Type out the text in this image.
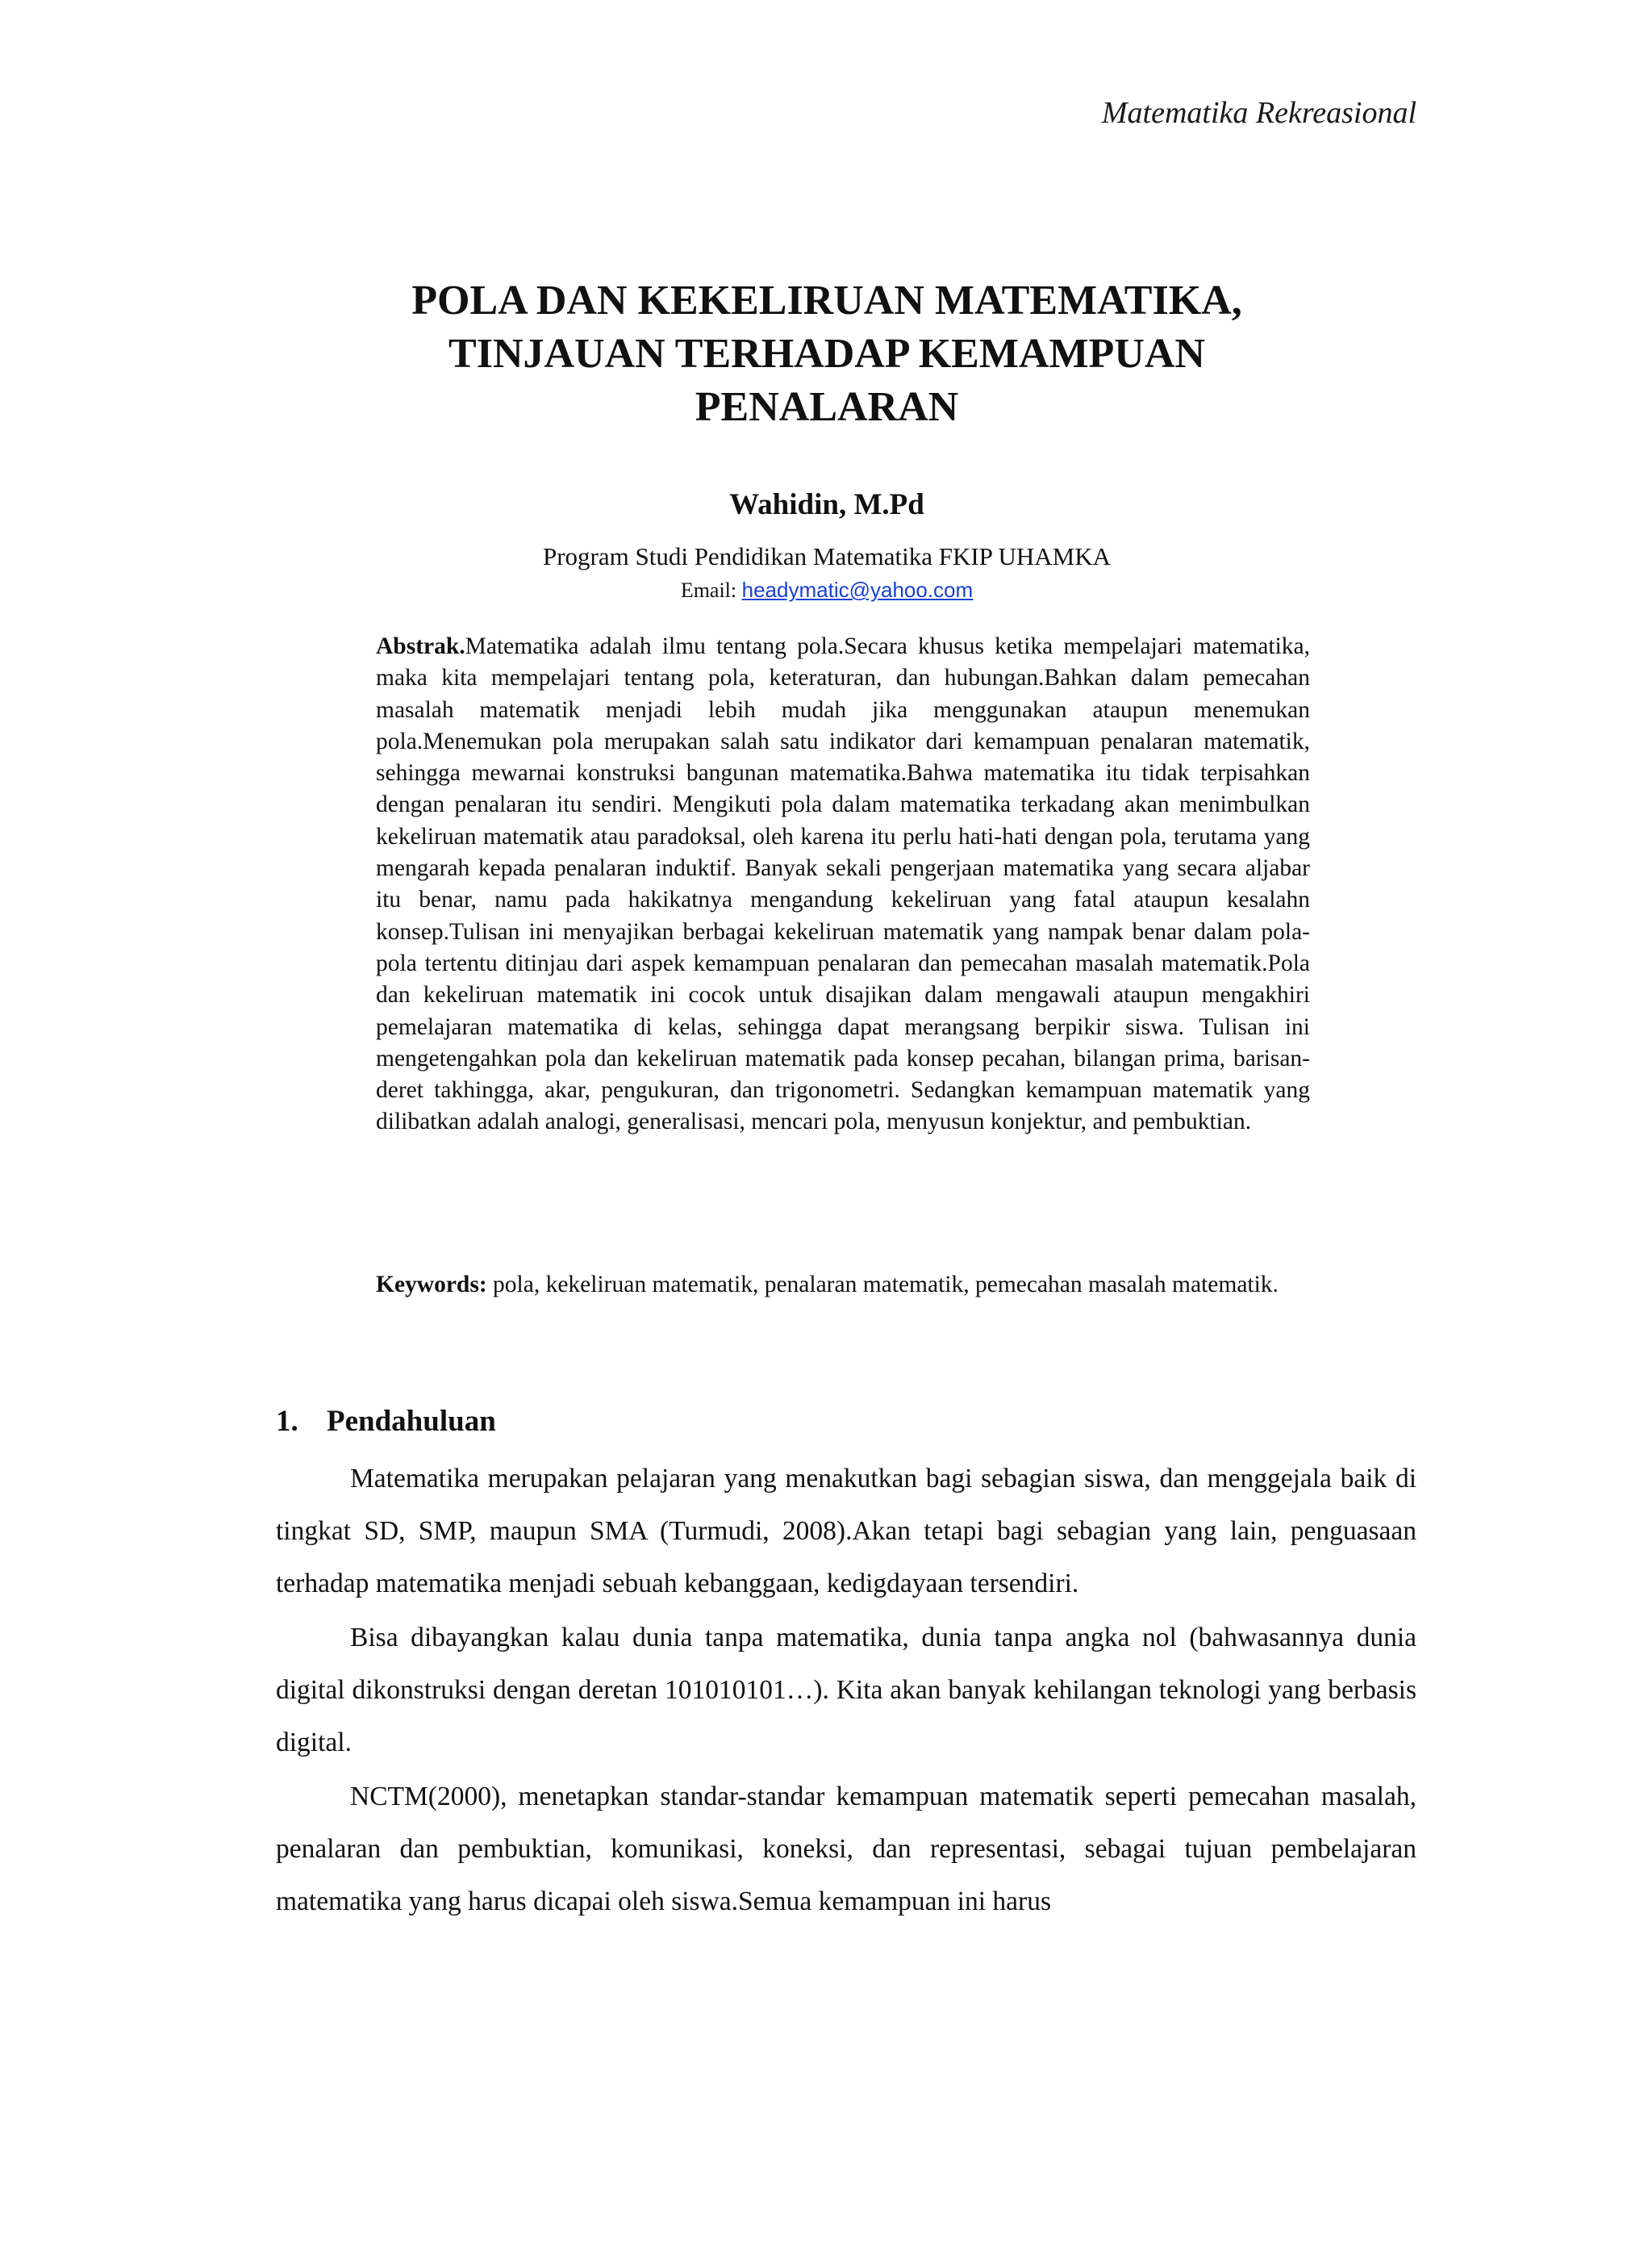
Matematika Rekreasional
POLA DAN KEKELIRUAN MATEMATIKA,
TINJAUAN TERHADAP KEMAMPUAN
PENALARAN
Wahidin, M.Pd
Program Studi Pendidikan Matematika FKIP UHAMKA
Email: headymatic@yahoo.com

Abstrak.Matematika adalah ilmu tentang pola.Secara khusus ketika mempelajari matematika, maka kita mempelajari tentang pola, keteraturan, dan hubungan.Bahkan dalam pemecahan masalah matematik menjadi lebih mudah jika menggunakan ataupun menemukan pola.Menemukan pola merupakan salah satu indikator dari kemampuan penalaran matematik, sehingga mewarnai konstruksi bangunan matematika.Bahwa matematika itu tidak terpisahkan dengan penalaran itu sendiri. Mengikuti pola dalam matematika terkadang akan menimbulkan kekeliruan matematik atau paradoksal, oleh karena itu perlu hati-hati dengan pola, terutama yang mengarah kepada penalaran induktif. Banyak sekali pengerjaan matematika yang secara aljabar itu benar, namu pada hakikatnya mengandung kekeliruan yang fatal ataupun kesalahn konsep.Tulisan ini menyajikan berbagai kekeliruan matematik yang nampak benar dalam pola-pola tertentu ditinjau dari aspek kemampuan penalaran dan pemecahan masalah matematik.Pola dan kekeliruan matematik ini cocok untuk disajikan dalam mengawali ataupun mengakhiri pemelajaran matematika di kelas, sehingga dapat merangsang berpikir siswa. Tulisan ini mengetengahkan pola dan kekeliruan matematik pada konsep pecahan, bilangan prima, barisan-deret takhingga, akar, pengukuran, dan trigonometri. Sedangkan kemampuan matematik yang dilibatkan adalah analogi, generalisasi, mencari pola, menyusun konjektur, and pembuktian.

Keywords: pola, kekeliruan matematik, penalaran matematik, pemecahan masalah matematik.

1. Pendahuluan

Matematika merupakan pelajaran yang menakutkan bagi sebagian siswa, dan menggejala baik di tingkat SD, SMP, maupun SMA (Turmudi, 2008).Akan tetapi bagi sebagian yang lain, penguasaan terhadap matematika menjadi sebuah kebanggaan, kedigdayaan tersendiri.

Bisa dibayangkan kalau dunia tanpa matematika, dunia tanpa angka nol (bahwasannya dunia digital dikonstruksi dengan deretan 101010101…). Kita akan banyak kehilangan teknologi yang berbasis digital.

NCTM(2000), menetapkan standar-standar kemampuan matematik seperti pemecahan masalah, penalaran dan pembuktian, komunikasi, koneksi, dan representasi, sebagai tujuan pembelajaran matematika yang harus dicapai oleh siswa.Semua kemampuan ini harus
